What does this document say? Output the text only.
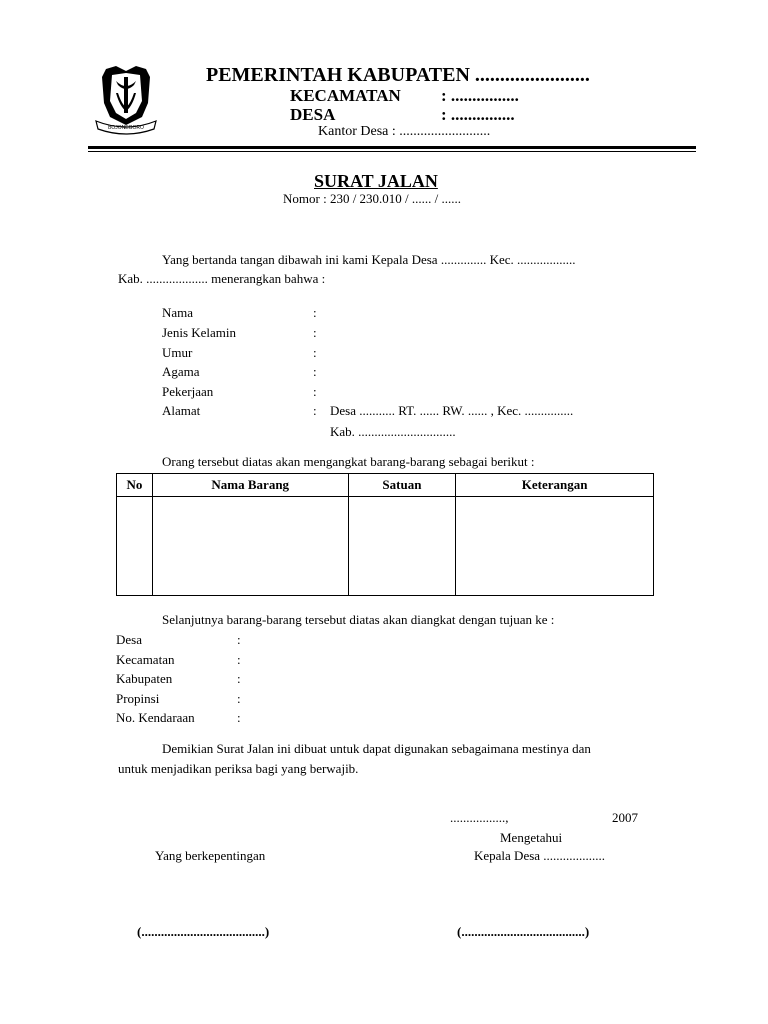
BOJONEGORO
PEMERINTAH KABUPATEN .......................
KECAMATAN : ................
DESA	: ...............
Kantor Desa : ..........................
SURAT JALAN
Nomor : 230 / 230.010 / ...... / ......
Yang bertanda tangan dibawah ini kami Kepala Desa .............. Kec. ..................
Kab. ................... menerangkan bahwa :
Nama	:
Jenis Kelamin	:
Umur	:
Agama	:
Pekerjaan	:
Alamat	: Desa ........... RT. ...... RW. ...... , Kec. ...............
Kab. ..............................
Orang tersebut diatas akan mengangkat barang-barang sebagai berikut :
No	Nama Barang	Satuan	Keterangan

Selanjutnya barang-barang tersebut diatas akan diangkat dengan tujuan ke :
Desa	:
Kecamatan	:
Kabupaten	:
Propinsi	:
No. Kendaraan	:
Demikian Surat Jalan ini dibuat untuk dapat digunakan sebagaimana mestinya dan
untuk menjadikan periksa bagi yang berwajib.
.................,	2007
Mengetahui
Kepala Desa ...................
Yang berkepentingan
(......................................)	(......................................)
